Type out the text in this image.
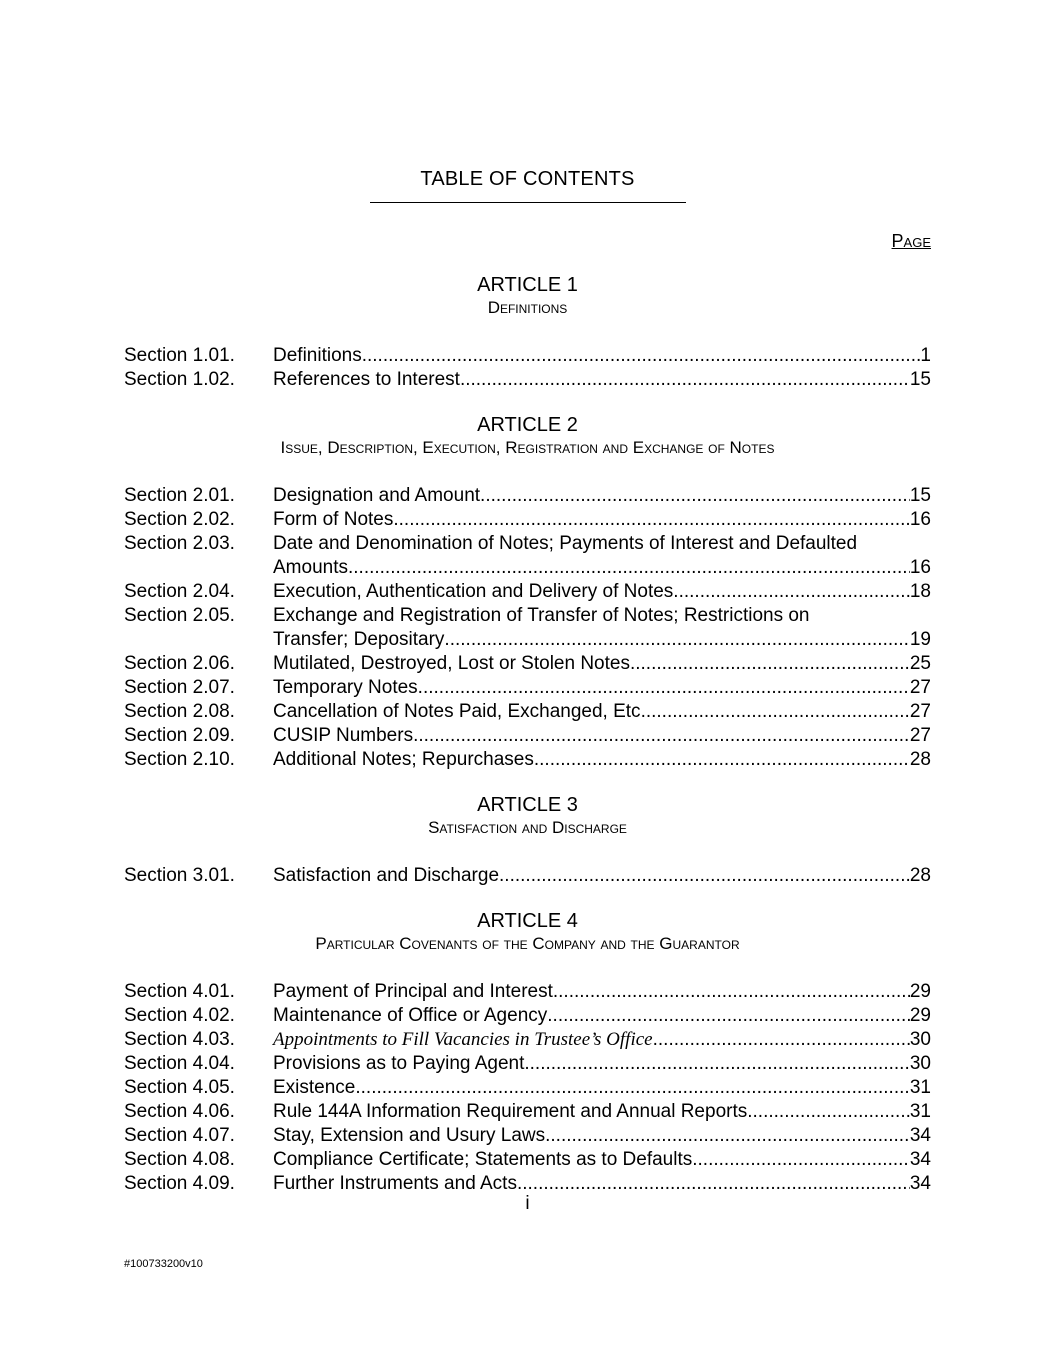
TABLE OF CONTENTS
Page
ARTICLE 1
Definitions
Section 1.01.	Definitions .....	1
Section 1.02.	References to Interest .....	15
ARTICLE 2
Issue, Description, Execution, Registration and Exchange of Notes
Section 2.01.	Designation and Amount .....	15
Section 2.02.	Form of Notes .....	16
Section 2.03.	Date and Denomination of Notes; Payments of Interest and Defaulted
Amounts .....	16
Section 2.04.	Execution, Authentication and Delivery of Notes .....	18
Section 2.05.	Exchange and Registration of Transfer of Notes; Restrictions on
Transfer; Depositary .....	19
Section 2.06.	Mutilated, Destroyed, Lost or Stolen Notes .....	25
Section 2.07.	Temporary Notes .....	27
Section 2.08.	Cancellation of Notes Paid, Exchanged, Etc .....	27
Section 2.09.	CUSIP Numbers .....	27
Section 2.10.	Additional Notes; Repurchases .....	28
ARTICLE 3
Satisfaction and Discharge
Section 3.01.	Satisfaction and Discharge .....	28
ARTICLE 4
Particular Covenants of the Company and the Guarantor
Section 4.01.	Payment of Principal and Interest .....	29
Section 4.02.	Maintenance of Office or Agency .....	29
Section 4.03.	Appointments to Fill Vacancies in Trustee’s Office .....	30
Section 4.04.	Provisions as to Paying Agent .....	30
Section 4.05.	Existence .....	31
Section 4.06.	Rule 144A Information Requirement and Annual Reports .....	31
Section 4.07.	Stay, Extension and Usury Laws .....	34
Section 4.08.	Compliance Certificate; Statements as to Defaults .....	34
Section 4.09.	Further Instruments and Acts .....	34
i
#100733200v10
